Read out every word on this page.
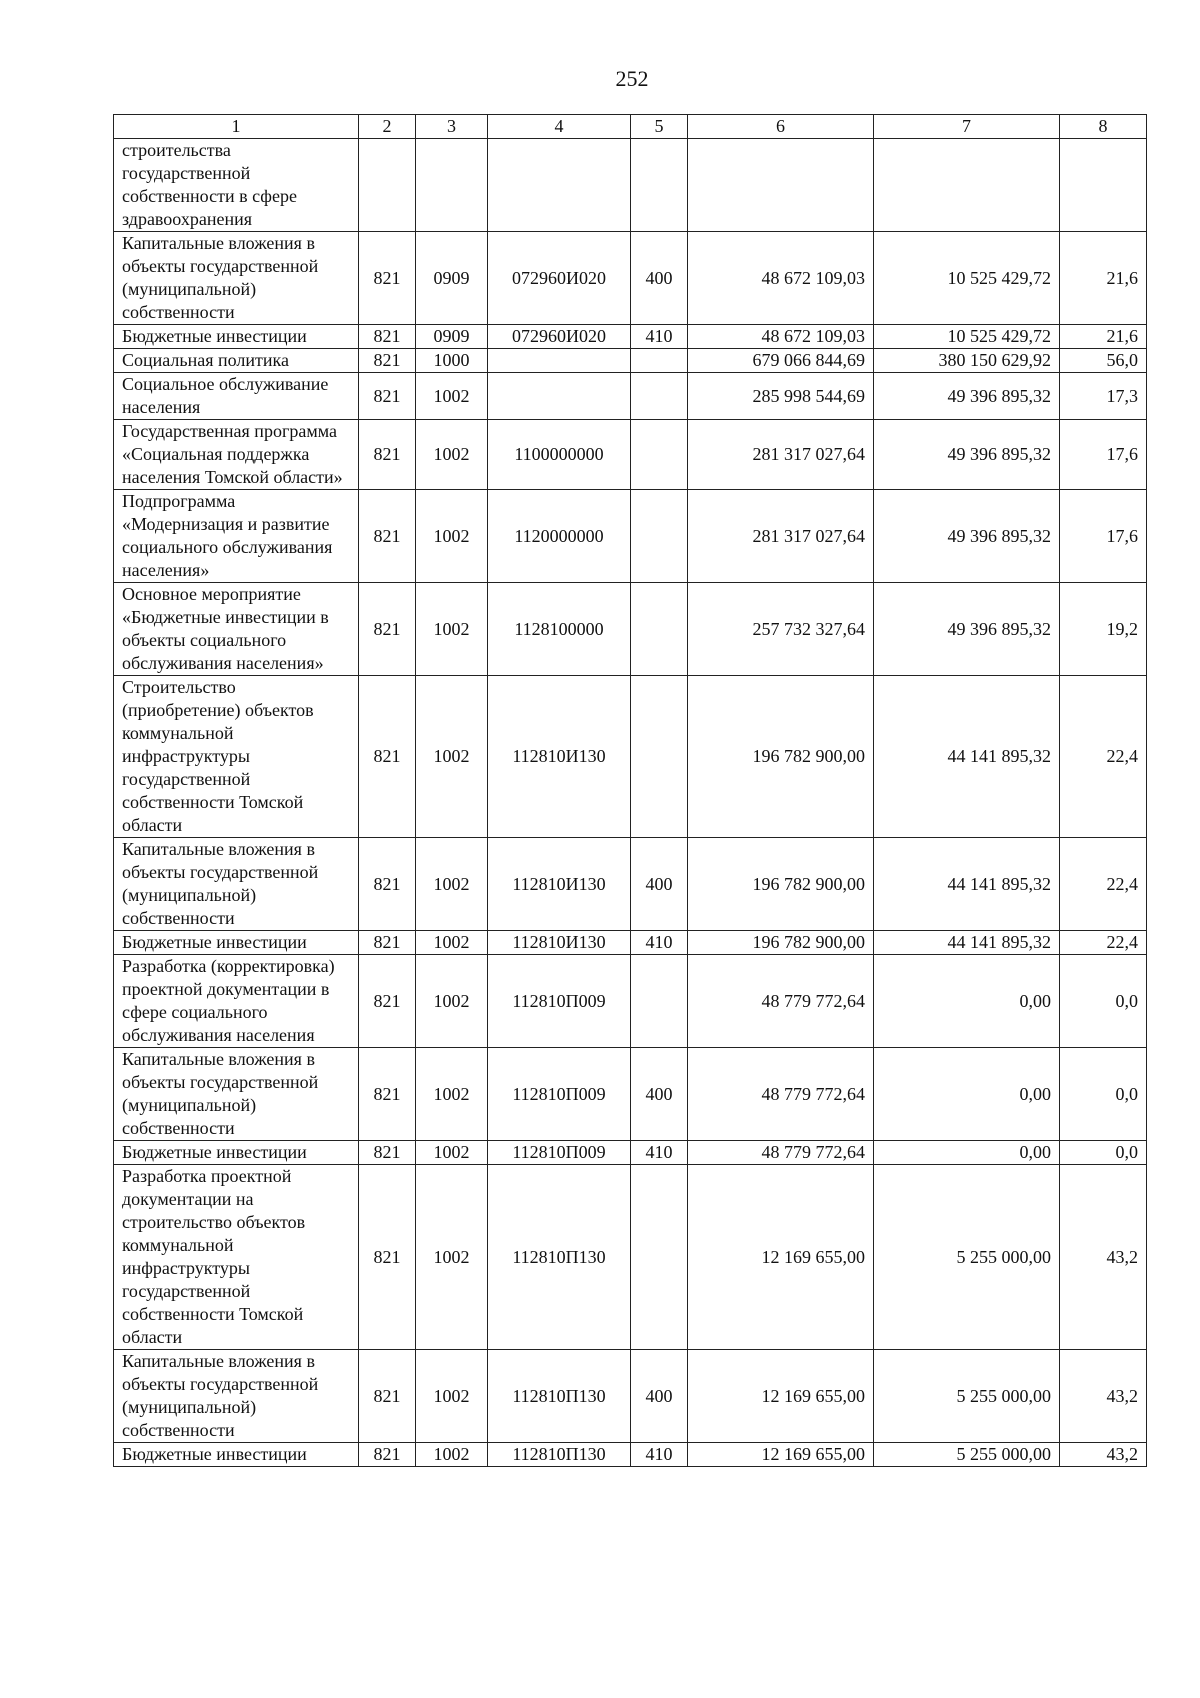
252
1	2	3	4	5	6	7	8
строительства государственной собственности в сфере здравоохранения							
Капитальные вложения в объекты государственной (муниципальной) собственности	821	0909	072960И020	400	48 672 109,03	10 525 429,72	21,6
Бюджетные инвестиции	821	0909	072960И020	410	48 672 109,03	10 525 429,72	21,6
Социальная политика	821	1000			679 066 844,69	380 150 629,92	56,0
Социальное обслуживание населения	821	1002			285 998 544,69	49 396 895,32	17,3
Государственная программа «Социальная поддержка населения Томской области»	821	1002	1100000000		281 317 027,64	49 396 895,32	17,6
Подпрограмма «Модернизация и развитие социального обслуживания населения»	821	1002	1120000000		281 317 027,64	49 396 895,32	17,6
Основное мероприятие «Бюджетные инвестиции в объекты социального обслуживания населения»	821	1002	1128100000		257 732 327,64	49 396 895,32	19,2
Строительство (приобретение) объектов коммунальной инфраструктуры государственной собственности Томской области	821	1002	112810И130		196 782 900,00	44 141 895,32	22,4
Капитальные вложения в объекты государственной (муниципальной) собственности	821	1002	112810И130	400	196 782 900,00	44 141 895,32	22,4
Бюджетные инвестиции	821	1002	112810И130	410	196 782 900,00	44 141 895,32	22,4
Разработка (корректировка) проектной документации в сфере социального обслуживания населения	821	1002	112810П009		48 779 772,64	0,00	0,0
Капитальные вложения в объекты государственной (муниципальной) собственности	821	1002	112810П009	400	48 779 772,64	0,00	0,0
Бюджетные инвестиции	821	1002	112810П009	410	48 779 772,64	0,00	0,0
Разработка проектной документации на строительство объектов коммунальной инфраструктуры государственной собственности Томской области	821	1002	112810П130		12 169 655,00	5 255 000,00	43,2
Капитальные вложения в объекты государственной (муниципальной) собственности	821	1002	112810П130	400	12 169 655,00	5 255 000,00	43,2
Бюджетные инвестиции	821	1002	112810П130	410	12 169 655,00	5 255 000,00	43,2
